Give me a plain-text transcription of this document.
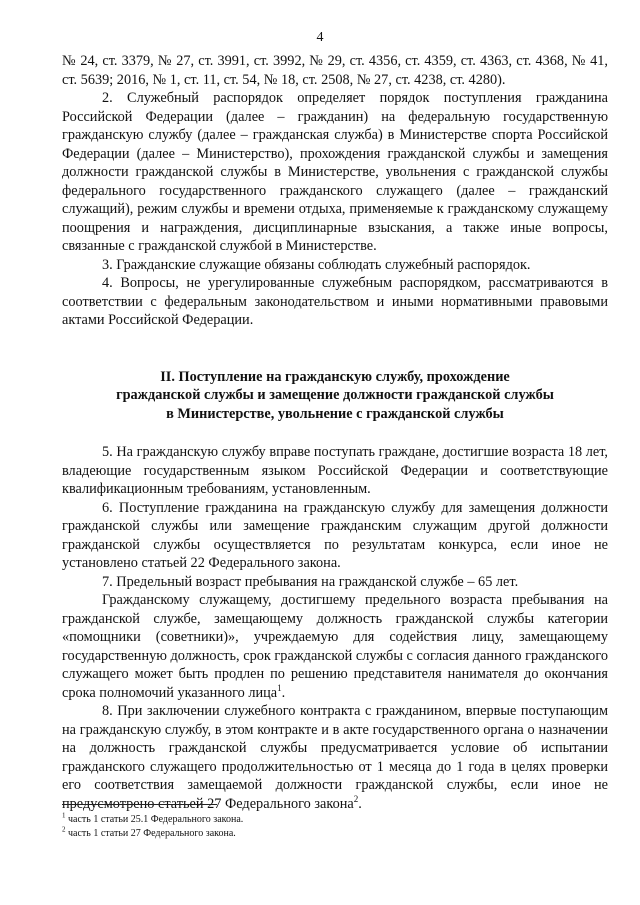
4

№ 24, ст. 3379, № 27, ст. 3991, ст. 3992, № 29, ст. 4356, ст. 4359, ст. 4363, ст. 4368, № 41, ст. 5639; 2016, № 1, ст. 11, ст. 54, № 18, ст. 2508, № 27, ст. 4238, ст. 4280).

2. Служебный распорядок определяет порядок поступления гражданина Российской Федерации (далее – гражданин) на федеральную государственную гражданскую службу (далее – гражданская служба) в Министерстве спорта Российской Федерации (далее – Министерство), прохождения гражданской службы и замещения должности гражданской службы в Министерстве, увольнения с гражданской службы федерального государственного гражданского служащего (далее – гражданский служащий), режим службы и времени отдыха, применяемые к гражданскому служащему поощрения и награждения, дисциплинарные взыскания, а также иные вопросы, связанные с гражданской службой в Министерстве.

3. Гражданские служащие обязаны соблюдать служебный распорядок.

4. Вопросы, не урегулированные служебным распорядком, рассматриваются в соответствии с федеральным законодательством и иными нормативными правовыми актами Российской Федерации.

II. Поступление на гражданскую службу, прохождение
гражданской службы и замещение должности гражданской службы
в Министерстве, увольнение с гражданской службы

5. На гражданскую службу вправе поступать граждане, достигшие возраста 18 лет, владеющие государственным языком Российской Федерации и соответствующие квалификационным требованиям, установленным.

6. Поступление гражданина на гражданскую службу для замещения должности гражданской службы или замещение гражданским служащим другой должности гражданской службы осуществляется по результатам конкурса, если иное не установлено статьей 22 Федерального закона.

7. Предельный возраст пребывания на гражданской службе – 65 лет.

Гражданскому служащему, достигшему предельного возраста пребывания на гражданской службе, замещающему должность гражданской службы категории «помощники (советники)», учреждаемую для содействия лицу, замещающему государственную должность, срок гражданской службы с согласия данного гражданского служащего может быть продлен по решению представителя нанимателя до окончания срока полномочий указанного лица$^1$.

8. При заключении служебного контракта с гражданином, впервые поступающим на гражданскую службу, в этом контракте и в акте государственного органа о назначении на должность гражданской службы предусматривается условие об испытании гражданского служащего продолжительностью от 1 месяца до 1 года в целях проверки его соответствия замещаемой должности гражданской службы, если иное не предусмотрено статьей 27 Федерального закона$^2$.

$^1$ часть 1 статьи 25.1 Федерального закона.
$^2$ часть 1 статьи 27 Федерального закона.
